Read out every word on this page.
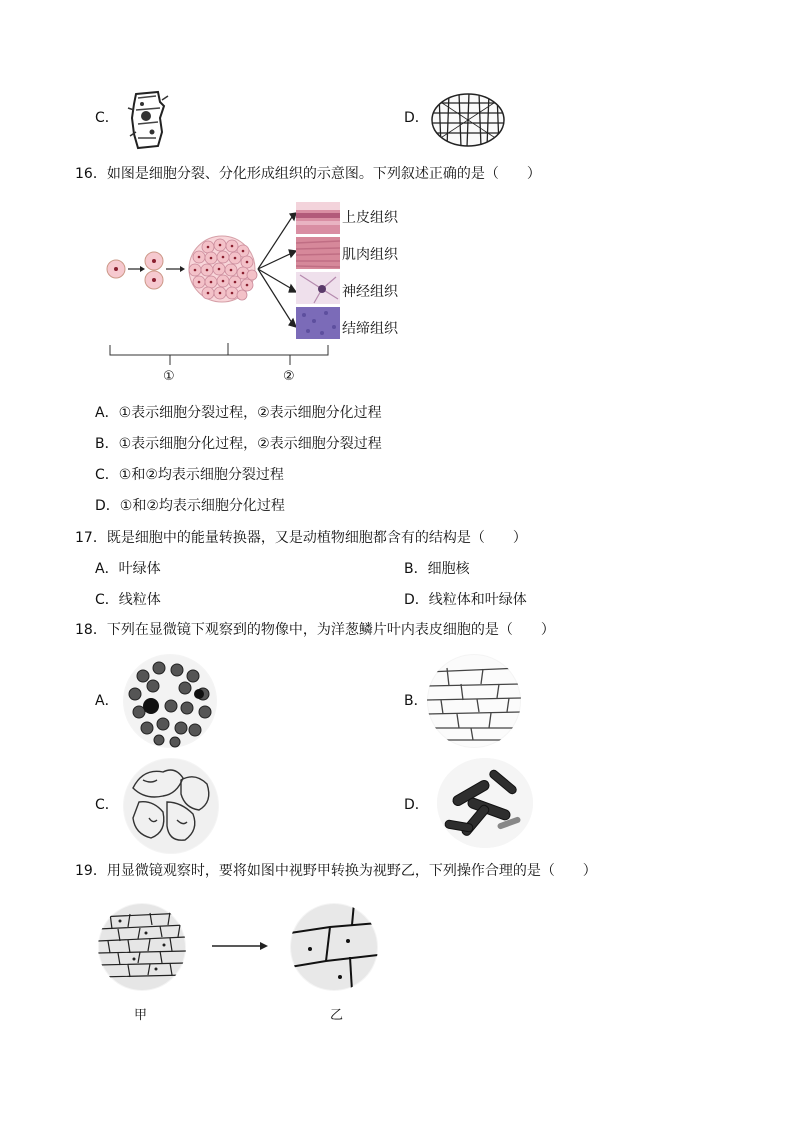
C．	D．
16．如图是细胞分裂、分化形成组织的示意图。下列叙述正确的是（　　）
上皮组织
肌肉组织
神经组织
结缔组织
①	②
A．①表示细胞分裂过程，②表示细胞分化过程
B．①表示细胞分化过程，②表示细胞分裂过程
C．①和②均表示细胞分裂过程
D．①和②均表示细胞分化过程
17．既是细胞中的能量转换器，又是动植物细胞都含有的结构是（　　）
A．叶绿体	B．细胞核
C．线粒体	D．线粒体和叶绿体
18．下列在显微镜下观察到的物像中，为洋葱鳞片叶内表皮细胞的是（　　）
A．	B．
C．	D．
19．用显微镜观察时，要将如图中视野甲转换为视野乙，下列操作合理的是（　　）
甲	乙
